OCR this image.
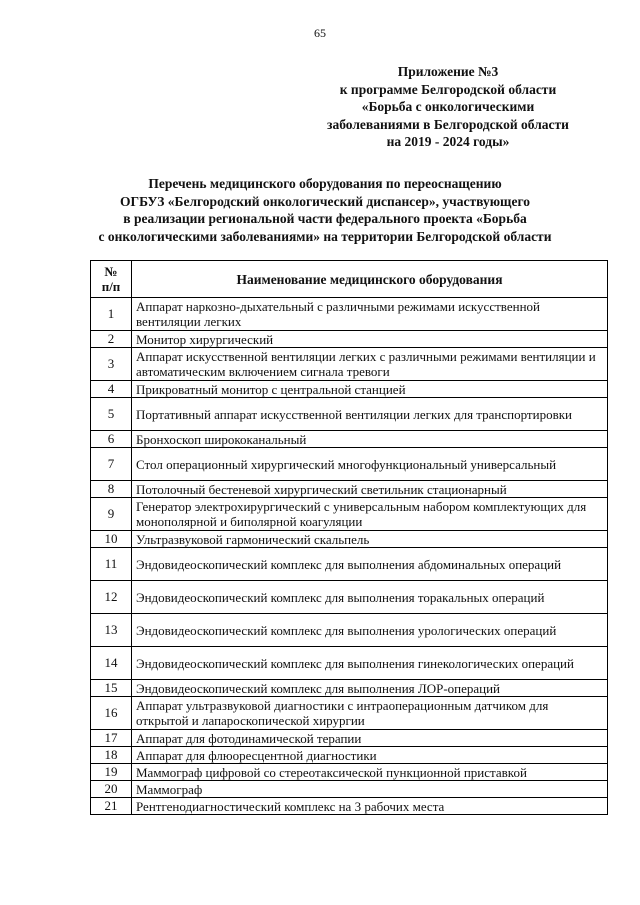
65
Приложение №3
к программе Белгородской области
«Борьба с онкологическими
заболеваниями в Белгородской области
на 2019 - 2024 годы»
Перечень медицинского оборудования по переоснащению
ОГБУЗ «Белгородский онкологический диспансер», участвующего
в реализации региональной части федерального проекта «Борьба
с онкологическими заболеваниями» на территории Белгородской области
№
п/п	Наименование медицинского оборудования
1	Аппарат наркозно-дыхательный с различными режимами искусственной вентиляции легких
2	Монитор хирургический
3	Аппарат искусственной вентиляции легких с различными режимами вентиляции и автоматическим включением сигнала тревоги
4	Прикроватный монитор с центральной станцией
5	Портативный аппарат искусственной вентиляции легких для транспортировки
6	Бронхоскоп ширококанальный
7	Стол операционный хирургический многофункциональный универсальный
8	Потолочный бестеневой хирургический светильник стационарный
9	Генератор электрохирургический с универсальным набором комплектующих для монополярной и биполярной коагуляции
10	Ультразвуковой гармонический скальпель
11	Эндовидеоскопический комплекс для выполнения абдоминальных операций
12	Эндовидеоскопический комплекс для выполнения торакальных операций
13	Эндовидеоскопический комплекс для выполнения урологических операций
14	Эндовидеоскопический комплекс для выполнения гинекологических операций
15	Эндовидеоскопический комплекс для выполнения ЛОР-операций
16	Аппарат ультразвуковой диагностики с интраоперационным датчиком для открытой и лапароскопической хирургии
17	Аппарат для фотодинамической терапии
18	Аппарат для флюоресцентной диагностики
19	Маммограф цифровой со стереотаксической пункционной приставкой
20	Маммограф
21	Рентгенодиагностический комплекс на 3 рабочих места
